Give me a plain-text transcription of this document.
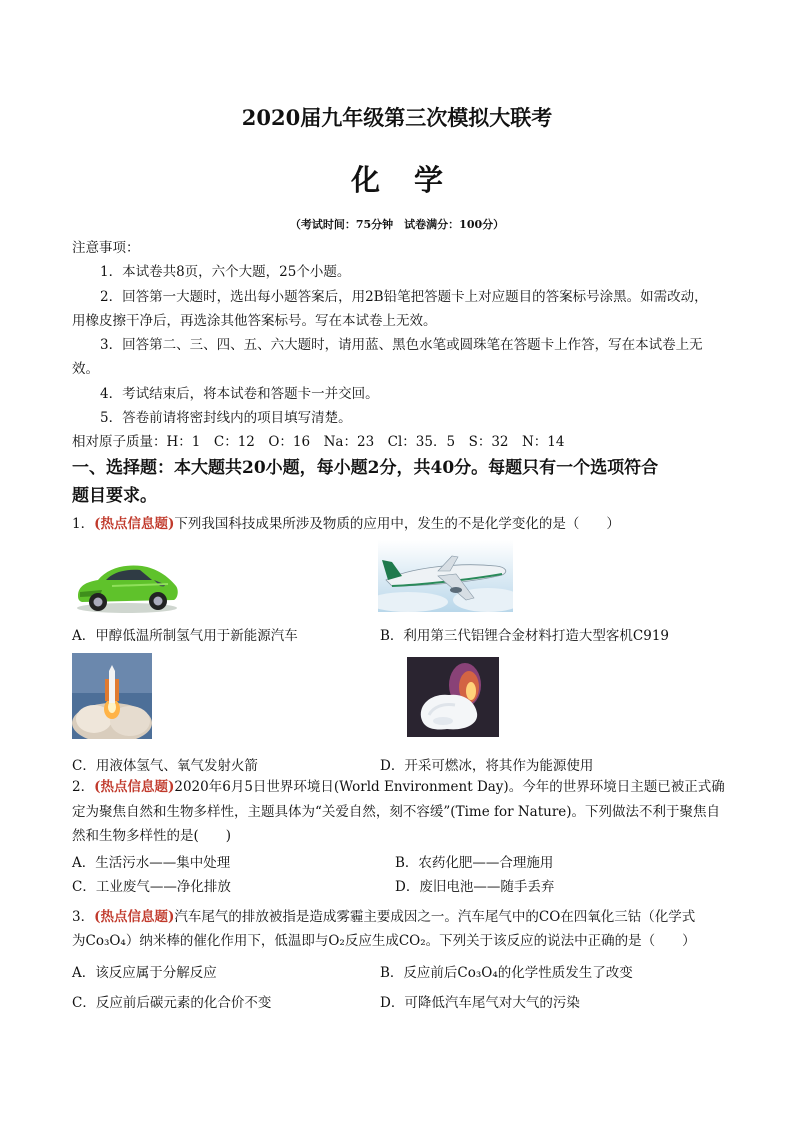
2020届九年级第三次模拟大联考
化学
（考试时间：75分钟　试卷满分：100分）
注意事项：
1．本试卷共8页，六个大题，25个小题。
2．回答第一大题时，选出每小题答案后，用2B铅笔把答题卡上对应题目的答案标号涂黑。如需改动，
用橡皮擦干净后，再选涂其他答案标号。写在本试卷上无效。
3．回答第二、三、四、五、六大题时，请用蓝、黑色水笔或圆珠笔在答题卡上作答，写在本试卷上无
效。
4．考试结束后，将本试卷和答题卡一并交回。
5．答卷前请将密封线内的项目填写清楚。
相对原子质量：H：1　C：12　O：16　Na：23　Cl：35．5　S：32　N：14
一、选择题：本大题共20小题，每小题2分，共40分。每题只有一个选项符合
题目要求。
1．(热点信息题)下列我国科技成果所涉及物质的应用中，发生的不是化学变化的是（　　）
A．甲醇低温所制氢气用于新能源汽车	B．利用第三代铝锂合金材料打造大型客机C919
C．用液体氢气、氧气发射火箭	D．开采可燃冰，将其作为能源使用
2．(热点信息题)2020年6月5日世界环境日(World Environment Day)。今年的世界环境日主题已被正式确
定为聚焦自然和生物多样性，主题具体为“关爱自然，刻不容缓”(Time for Nature)。下列做法不利于聚焦自
然和生物多样性的是(　　)
A．生活污水——集中处理	B．农药化肥——合理施用
C．工业废气——净化排放	D．废旧电池——随手丢弃
3．(热点信息题)汽车尾气的排放被指是造成雾霾主要成因之一。汽车尾气中的CO在四氧化三钴（化学式
为Co₃O₄）纳米棒的催化作用下，低温即与O₂反应生成CO₂。下列关于该反应的说法中正确的是（　　）
A．该反应属于分解反应	B．反应前后Co₃O₄的化学性质发生了改变
C．反应前后碳元素的化合价不变	D．可降低汽车尾气对大气的污染
